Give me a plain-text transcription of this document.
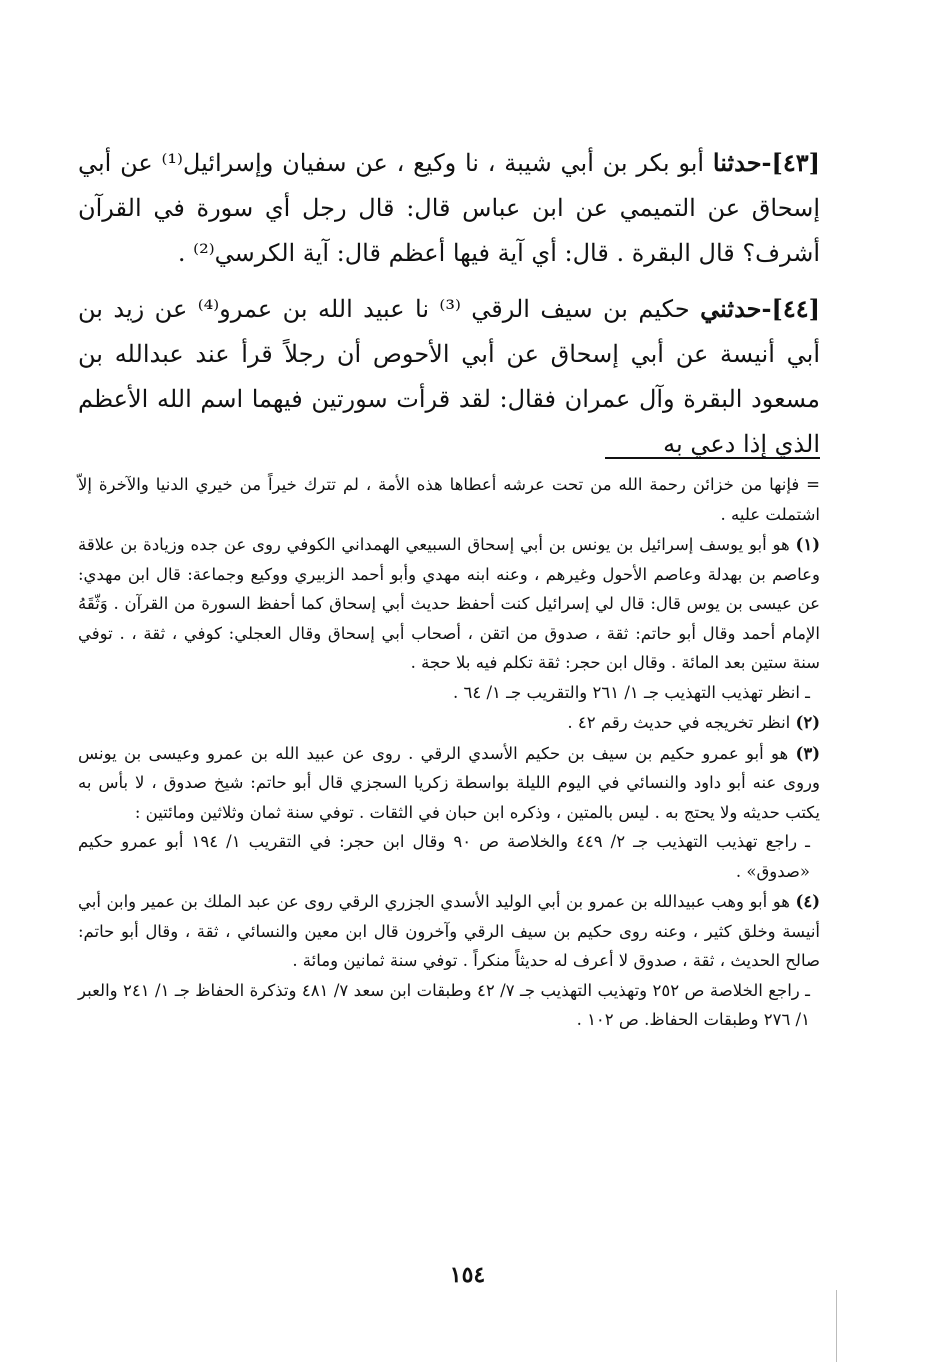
[٤٣]-حدثنا أبو بكر بن أبي شيبة ، نا وكيع ، عن سفيان وإسرائيل⁽¹⁾ عن أبي إسحاق عن التميمي عن ابن عباس قال: قال رجل أي سورة في القرآن أشرف؟ قال البقرة . قال: أي آية فيها أعظم قال: آية الكرسي⁽²⁾ .

[٤٤]-حدثني حكيم بن سيف الرقي ⁽³⁾ نا عبيد الله بن عمرو⁽⁴⁾ عن زيد بن أبي أنيسة عن أبي إسحاق عن أبي الأحوص أن رجلاً قرأ عند عبدالله بن مسعود البقرة وآل عمران فقال: لقد قرأت سورتين فيهما اسم الله الأعظم الذي إذا دعي به

= فإنها من خزائن رحمة الله من تحت عرشه أعطاها هذه الأمة ، لم تترك خيراً من خيري الدنيا والآخرة إلاّ اشتملت عليه .

(١) هو أبو يوسف إسرائيل بن يونس بن أبي إسحاق السبيعي الهمداني الكوفي روى عن جده وزيادة بن علاقة وعاصم بن بهدلة وعاصم الأحول وغيرهم ، وعنه ابنه مهدي وأبو أحمد الزبيري ووكيع وجماعة: قال ابن مهدي: عن عيسى بن يوس قال: قال لي إسرائيل كنت أحفظ حديث أبي إسحاق كما أحفظ السورة من القرآن . وَثّقَهُ الإمام أحمد وقال أبو حاتم: ثقة ، صدوق من اتقن ، أصحاب أبي إسحاق وقال العجلي: كوفي ، ثقة ، . توفي سنة ستين بعد المائة . وقال ابن حجر: ثقة تكلم فيه بلا حجة .

ـ انظر تهذيب التهذيب جـ ١/ ٢٦١ والتقريب جـ ١/ ٦٤ .

(٢) انظر تخريجه في حديث رقم ٤٢ .

(٣) هو أبو عمرو حكيم بن سيف بن حكيم الأسدي الرقي . روى عن عبيد الله بن عمرو وعيسى بن يونس وروى عنه أبو داود والنسائي في اليوم الليلة بواسطة زكريا السجزي قال أبو حاتم: شيخ صدوق ، لا بأس به يكتب حديثه ولا يحتج به . ليس بالمتين ، وذكره ابن حبان في الثقات . توفي سنة ثمان وثلاثين ومائتين :

ـ راجع تهذيب التهذيب جـ ٢/ ٤٤٩ والخلاصة ص ٩٠ وقال ابن حجر: في التقريب ١/ ١٩٤ أبو عمرو حكيم «صدوق» .

(٤) هو أبو وهب عبيدالله بن عمرو بن أبي الوليد الأسدي الجزري الرقي روى عن عبد الملك بن عمير وابن أبي أنيسة وخلق كثير ، وعنه روى حكيم بن سيف الرقي وآخرون قال ابن معين والنسائي ، ثقة ، وقال أبو حاتم: صالح الحديث ، ثقة ، صدوق لا أعرف له حديثاً منكراً . توفي سنة ثمانين ومائة .

ـ راجع الخلاصة ص ٢٥٢ وتهذيب التهذيب جـ ٧/ ٤٢ وطبقات ابن سعد ٧/ ٤٨١ وتذكرة الحفاظ جـ ١/ ٢٤١ والعبر ١/ ٢٧٦ وطبقات الحفاظ. ص ١٠٢ .

١٥٤
